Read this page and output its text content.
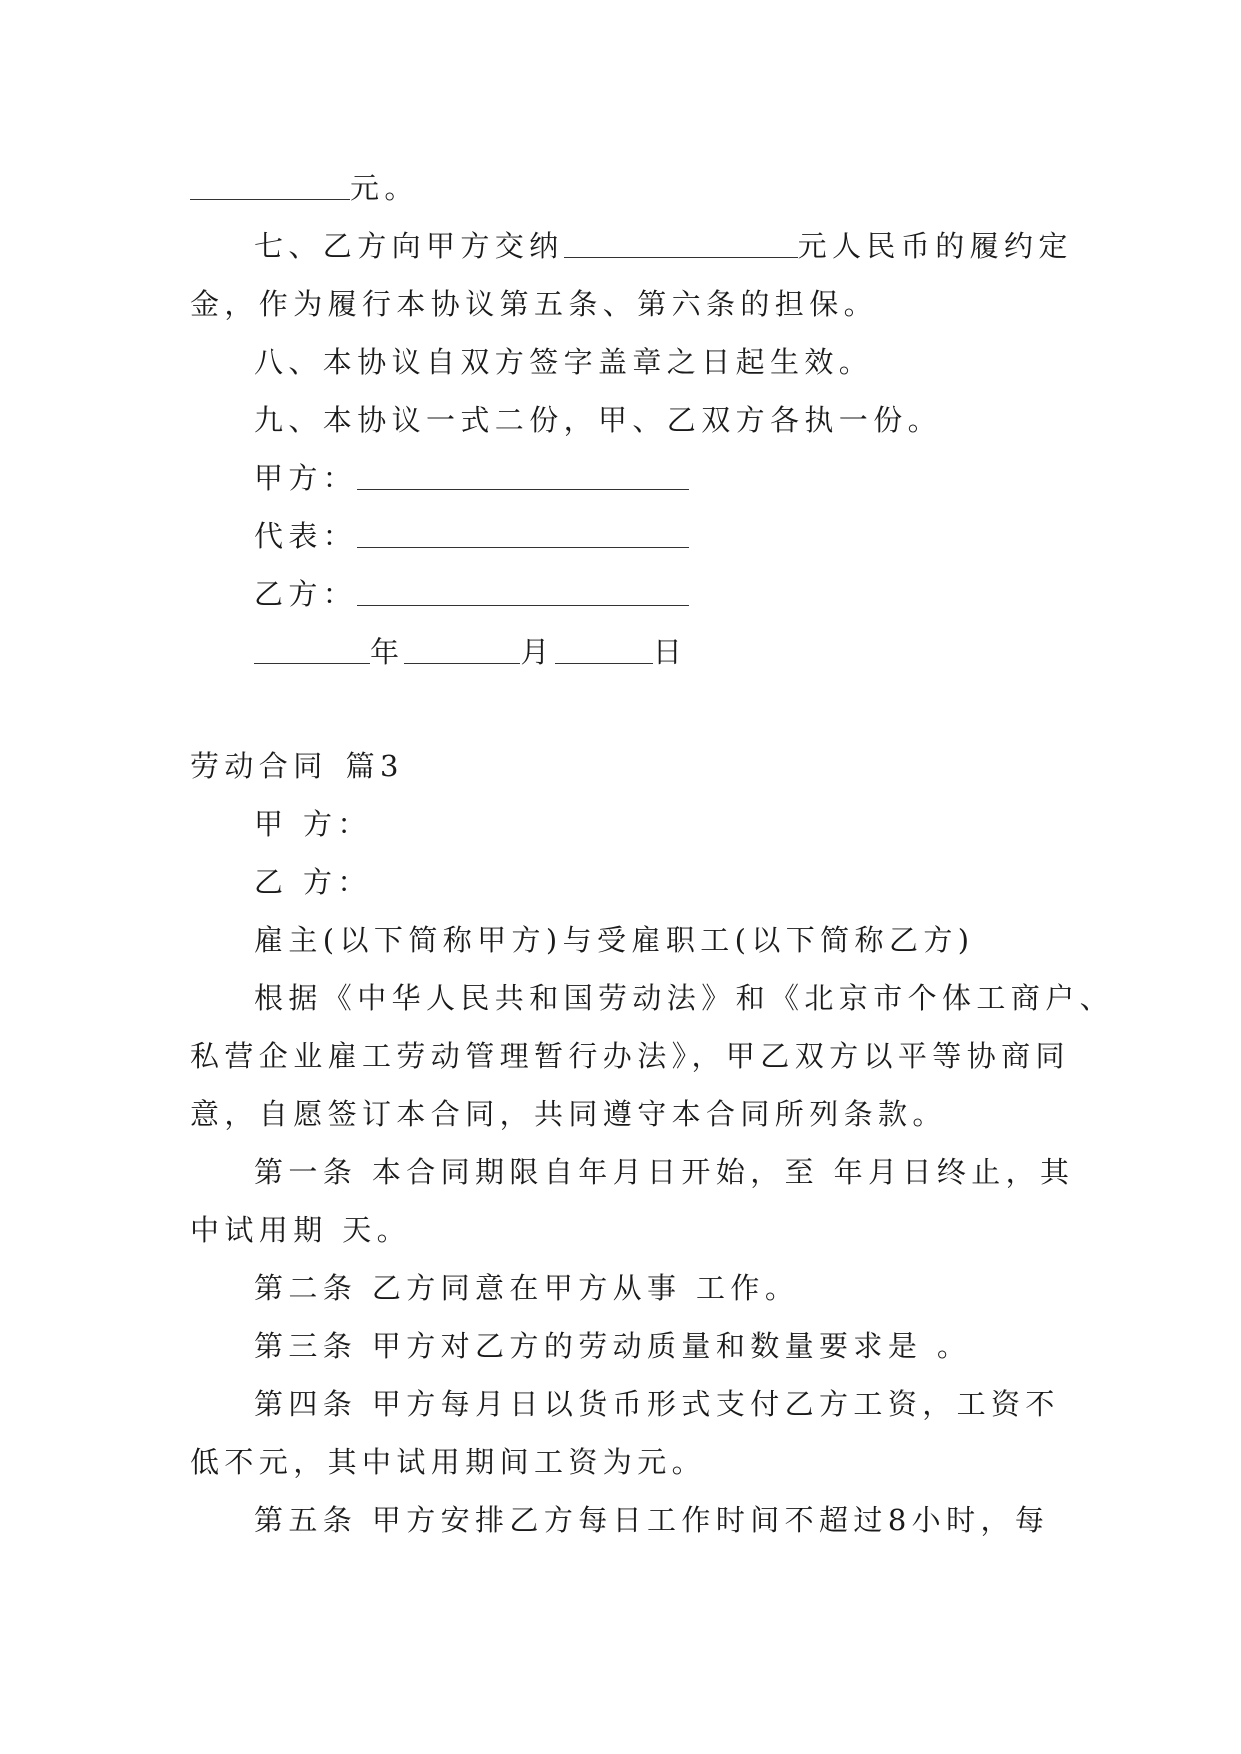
元。
七、乙方向甲方交纳	元人民币的履约定
金，作为履行本协议第五条、第六条的担保。
八、本协议自双方签字盖章之日起生效。
九、本协议一式二份，甲、乙双方各执一份。
甲方：
代表：
乙方：
年	月	日
劳动合同 篇3
甲 方：
乙 方：
雇主(以下简称甲方)与受雇职工(以下简称乙方)
根据《中华人民共和国劳动法》和《北京市个体工商户、
私营企业雇工劳动管理暂行办法》，甲乙双方以平等协商同
意，自愿签订本合同，共同遵守本合同所列条款。
第一条 本合同期限自年月日开始，至 年月日终止，其
中试用期 天。
第二条 乙方同意在甲方从事 工作。
第三条 甲方对乙方的劳动质量和数量要求是 。
第四条 甲方每月日以货币形式支付乙方工资，工资不
低不元，其中试用期间工资为元。
第五条 甲方安排乙方每日工作时间不超过8小时，每
